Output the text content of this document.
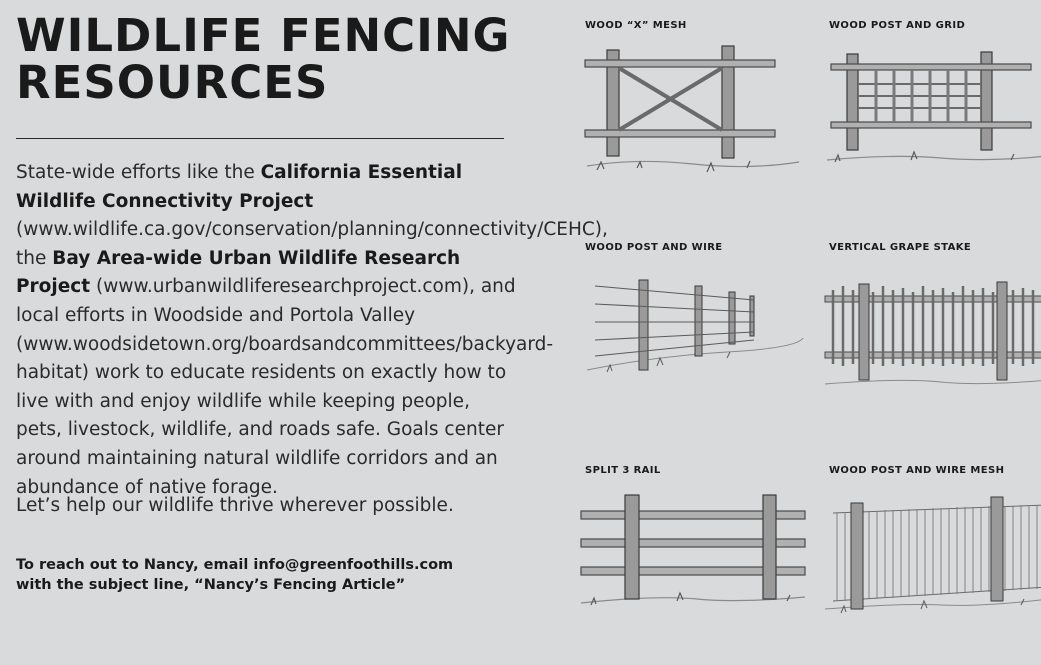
WILDLIFE FENCING RESOURCES

State-wide efforts like the California Essential Wildlife Connectivity Project (www.wildlife.ca.gov/conservation/planning/connectivity/CEHC), the Bay Area-wide Urban Wildlife Research Project (www.urbanwildliferesearchproject.com), and local efforts in Woodside and Portola Valley (www.woodsidetown.org/boardsandcommittees/backyard-habitat) work to educate residents on exactly how to live with and enjoy wildlife while keeping people, pets, livestock, wildlife, and roads safe. Goals center around maintaining natural wildlife corridors and an abundance of native forage.

Let’s help our wildlife thrive wherever possible.

To reach out to Nancy, email info@greenfoothills.com
with the subject line, “Nancy’s Fencing Article”

WOOD “X” MESH	WOOD POST AND GRID
WOOD POST AND WIRE	VERTICAL GRAPE STAKE
SPLIT 3 RAIL	WOOD POST AND WIRE MESH
